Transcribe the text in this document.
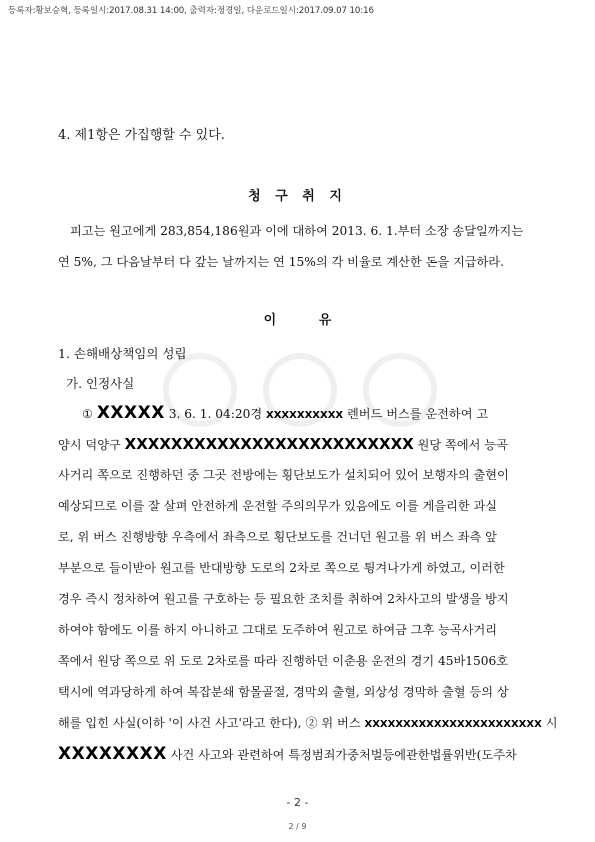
등록자:황보승혁, 등록일시:2017.08.31 14:00, 출력자:정경일, 다운로드일시:2017.09.07 10:16
4. 제1항은 가집행할 수 있다.
청 구 취 지
피고는 원고에게 283,854,186원과 이에 대하여 2013. 6. 1.부터 소장 송달일까지는
연 5%, 그 다음날부터 다 갚는 날까지는 연 15%의 각 비율로 계산한 돈을 지급하라.
이 유
1. 손해배상책임의 성립
가. 인정사실
① XXXXX 3. 6. 1. 04:20경 XXXXXXXXXX 렌버드 버스를 운전하여 고
양시 덕양구 XXXXXXXXXXXXXXXXXXXXXXXXX 원당 쪽에서 능곡
사거리 쪽으로 진행하던 중 그곳 전방에는 횡단보도가 설치되어 있어 보행자의 출현이
예상되므로 이를 잘 살펴 안전하게 운전할 주의의무가 있음에도 이를 게을리한 과실
로, 위 버스 진행방향 우측에서 좌측으로 횡단보도를 건너던 원고를 위 버스 좌측 앞
부분으로 들이받아 원고를 반대방향 도로의 2차로 쪽으로 튕겨나가게 하였고, 이러한
경우 즉시 정차하여 원고를 구호하는 등 필요한 조치를 취하여 2차사고의 발생을 방지
하여야 함에도 이를 하지 아니하고 그대로 도주하여 원고로 하여금 그후 능곡사거리
쪽에서 원당 쪽으로 위 도로 2차로를 따라 진행하던 이춘용 운전의 경기 45바1506호
택시에 역과당하게 하여 복잡분쇄 함몰골절, 경막외 출혈, 외상성 경막하 출혈 등의 상
해를 입힌 사실(이하 '이 사건 사고'라고 한다), ② 위 버스 XXXXXXXXXXXXXXXXXXXXXXX 시
XXXXXXXX 사건 사고와 관련하여 특정범죄가중처벌등에관한법률위반(도주차
- 2 -
2 / 9
